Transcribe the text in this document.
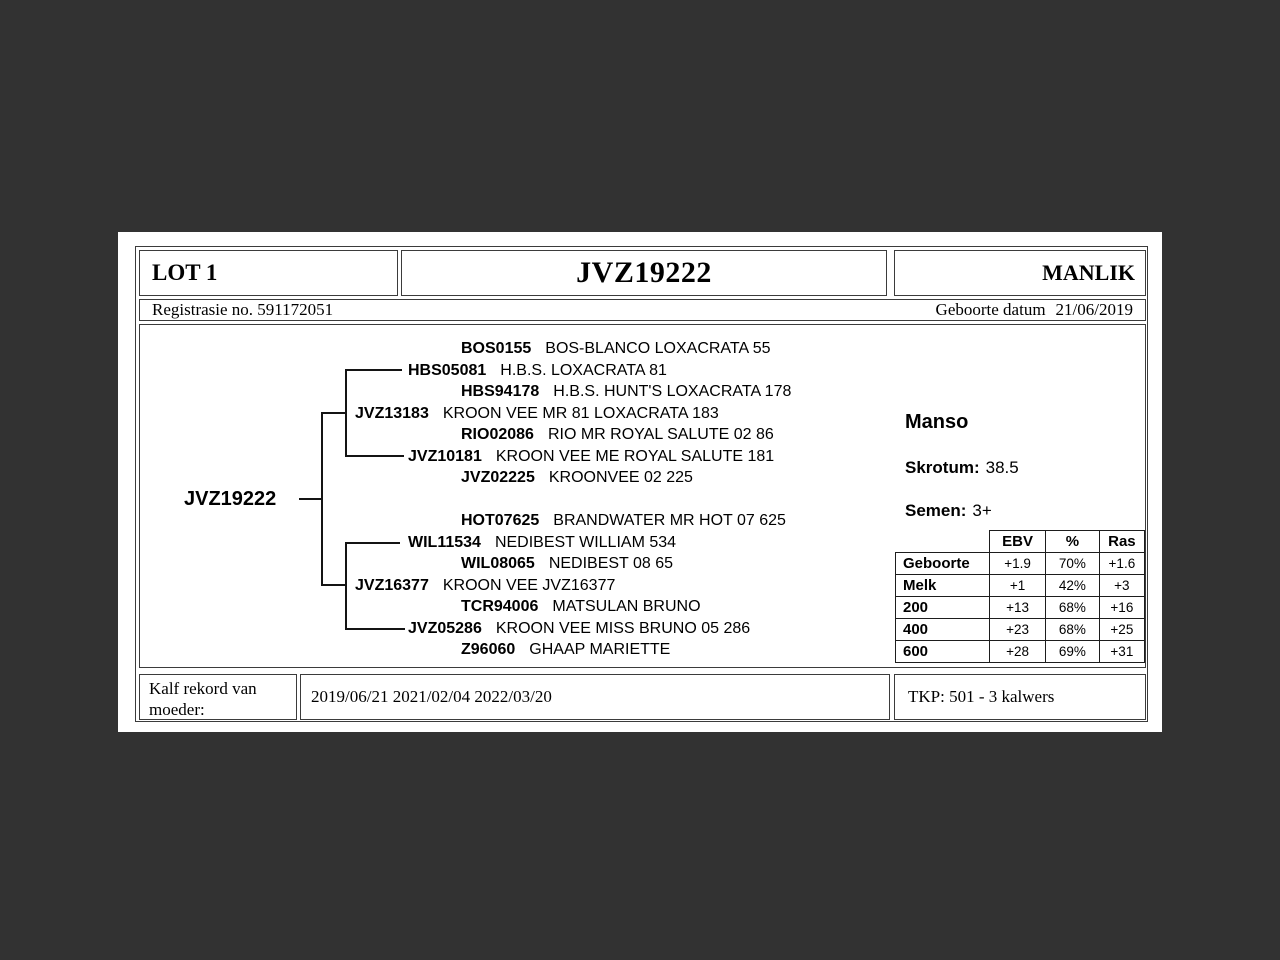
LOT 1	JVZ19222	MANLIK
Registrasie no. 591172051	Geboorte datum 21/06/2019
JVZ19222
BOS0155 BOS-BLANCO LOXACRATA 55
HBS05081 H.B.S. LOXACRATA 81
HBS94178 H.B.S. HUNT'S LOXACRATA 178
JVZ13183 KROON VEE MR 81 LOXACRATA 183
RIO02086 RIO MR ROYAL SALUTE 02 86
JVZ10181 KROON VEE ME ROYAL SALUTE 181
JVZ02225 KROONVEE 02 225
HOT07625 BRANDWATER MR HOT 07 625
WIL11534 NEDIBEST WILLIAM 534
WIL08065 NEDIBEST 08 65
JVZ16377 KROON VEE JVZ16377
TCR94006 MATSULAN BRUNO
JVZ05286 KROON VEE MISS BRUNO 05 286
Z96060 GHAAP MARIETTE
Manso
Skrotum: 38.5
Semen: 3+
	EBV	%	Ras
Geboorte	+1.9	70%	+1.6
Melk	+1	42%	+3
200	+13	68%	+16
400	+23	68%	+25
600	+28	69%	+31
Kalf rekord van moeder:
2019/06/21 2021/02/04 2022/03/20	TKP: 501 - 3 kalwers
